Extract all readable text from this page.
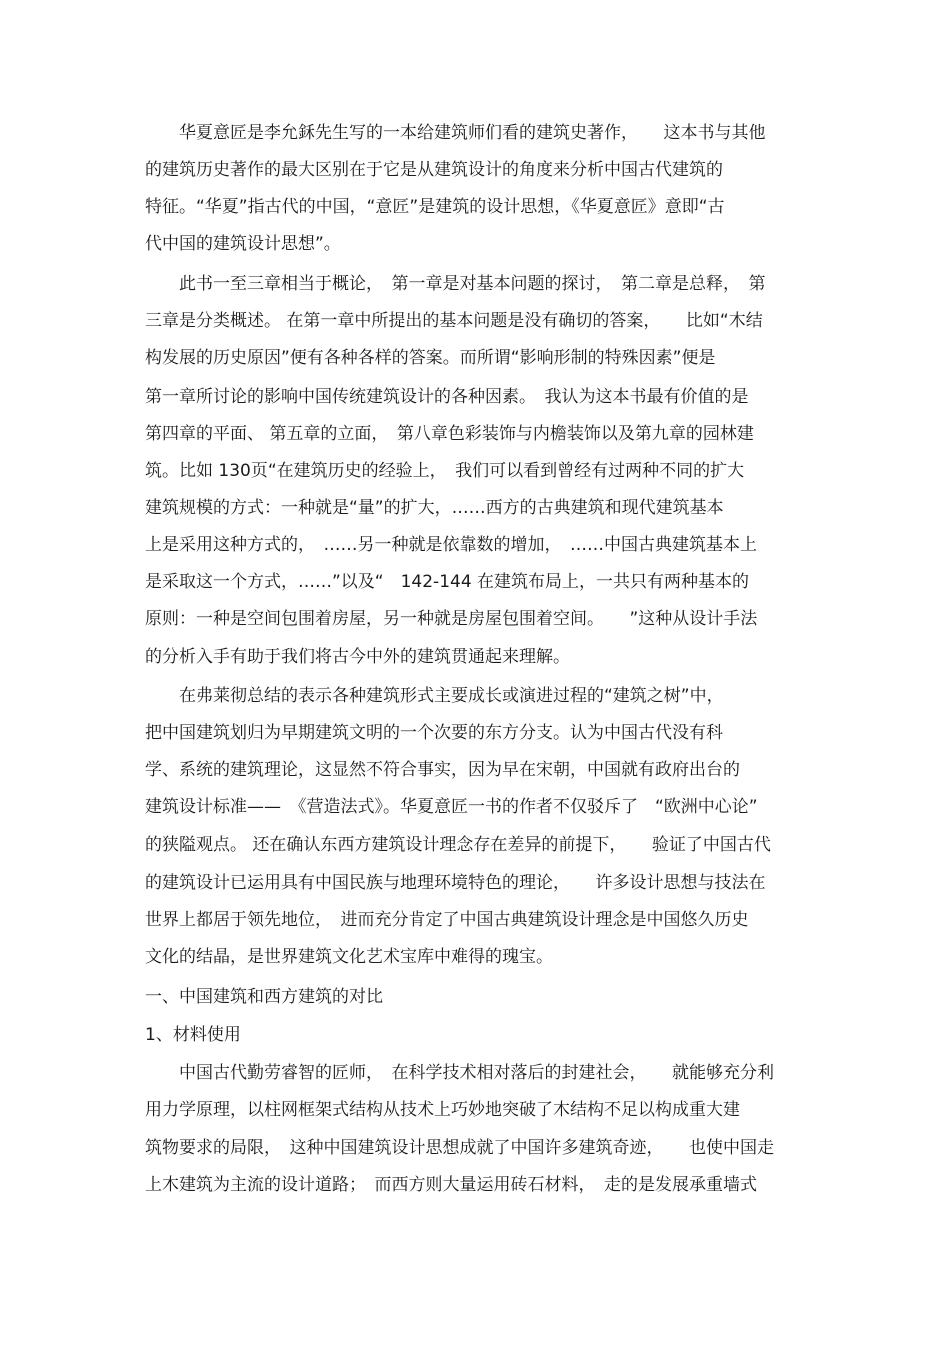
　　华夏意匠是李允鉌先生写的一本给建筑师们看的建筑史著作，　　这本书与其他
的建筑历史著作的最大区别在于它是从建筑设计的角度来分析中国古代建筑的
特征。“华夏”指古代的中国，“意匠”是建筑的设计思想，《华夏意匠》意即“古
代中国的建筑设计思想”。
　　此书一至三章相当于概论，　第一章是对基本问题的探讨，　第二章是总释，　第
三章是分类概述。 在第一章中所提出的基本问题是没有确切的答案，　　比如“木结
构发展的历史原因”便有各种各样的答案。而所谓“影响形制的特殊因素”便是
第一章所讨论的影响中国传统建筑设计的各种因素。　我认为这本书最有价值的是
第四章的平面、 第五章的立面，　第八章色彩装饰与内檐装饰以及第九章的园林建
筑。比如 130页“在建筑历史的经验上，　我们可以看到曾经有过两种不同的扩大
建筑规模的方式：一种就是“量”的扩大，……西方的古典建筑和现代建筑基本
上是采用这种方式的，　……另一种就是依靠数的增加，　……中国古典建筑基本上
是采取这一个方式，……”以及“　142-144 在建筑布局上，一共只有两种基本的
原则：一种是空间包围着房屋，另一种就是房屋包围着空间。　　”这种从设计手法
的分析入手有助于我们将古今中外的建筑贯通起来理解。
　　在弗莱彻总结的表示各种建筑形式主要成长或演进过程的“建筑之树”中，
把中国建筑划归为早期建筑文明的一个次要的东方分支。认为中国古代没有科
学、系统的建筑理论，这显然不符合事实，因为早在宋朝，中国就有政府出台的
建筑设计标准——　《营造法式》。华夏意匠一书的作者不仅驳斥了　“欧洲中心论”
的狭隘观点。 还在确认东西方建筑设计理念存在差异的前提下，　　验证了中国古代
的建筑设计已运用具有中国民族与地理环境特色的理论，　　许多设计思想与技法在
世界上都居于领先地位，　进而充分肯定了中国古典建筑设计理念是中国悠久历史
文化的结晶，是世界建筑文化艺术宝库中难得的瑰宝。
一、中国建筑和西方建筑的对比
1、材料使用
　　中国古代勤劳睿智的匠师，　在科学技术相对落后的封建社会，　　就能够充分利
用力学原理，以柱网框架式结构从技术上巧妙地突破了木结构不足以构成重大建
筑物要求的局限，　这种中国建筑设计思想成就了中国许多建筑奇迹，　　也使中国走
上木建筑为主流的设计道路；　而西方则大量运用砖石材料，　走的是发展承重墙式
